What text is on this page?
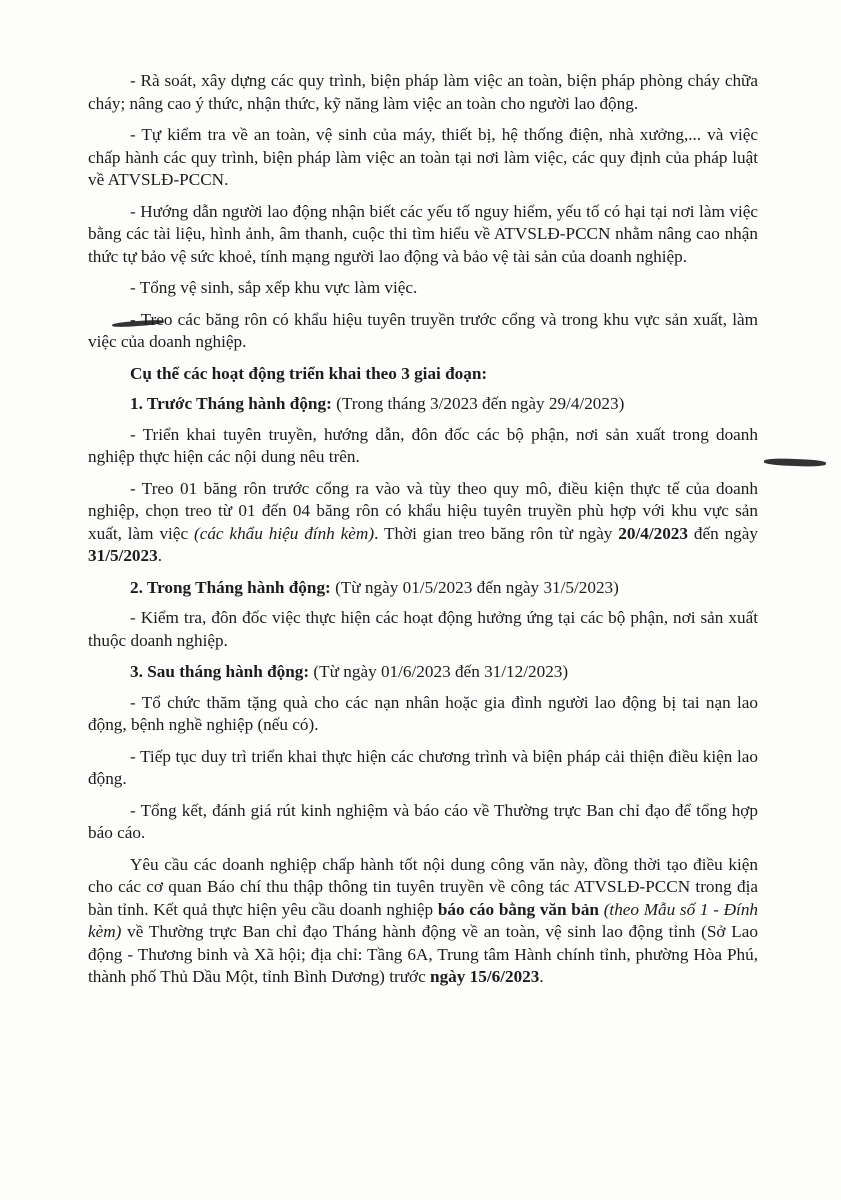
- Rà soát, xây dựng các quy trình, biện pháp làm việc an toàn, biện pháp phòng cháy chữa cháy; nâng cao ý thức, nhận thức, kỹ năng làm việc an toàn cho người lao động.

- Tự kiểm tra về an toàn, vệ sinh của máy, thiết bị, hệ thống điện, nhà xưởng,... và việc chấp hành các quy trình, biện pháp làm việc an toàn tại nơi làm việc, các quy định của pháp luật về ATVSLĐ-PCCN.

- Hướng dẫn người lao động nhận biết các yếu tố nguy hiểm, yếu tố có hại tại nơi làm việc bằng các tài liệu, hình ảnh, âm thanh, cuộc thi tìm hiểu về ATVSLĐ-PCCN nhằm nâng cao nhận thức tự bảo vệ sức khoẻ, tính mạng người lao động và bảo vệ tài sản của doanh nghiệp.

- Tổng vệ sinh, sắp xếp khu vực làm việc.

- Treo các băng rôn có khẩu hiệu tuyên truyền trước cổng và trong khu vực sản xuất, làm việc của doanh nghiệp.

Cụ thể các hoạt động triển khai theo 3 giai đoạn:

1. Trước Tháng hành động: (Trong tháng 3/2023 đến ngày 29/4/2023)

- Triển khai tuyên truyền, hướng dẫn, đôn đốc các bộ phận, nơi sản xuất trong doanh nghiệp thực hiện các nội dung nêu trên.

- Treo 01 băng rôn trước cổng ra vào và tùy theo quy mô, điều kiện thực tế của doanh nghiệp, chọn treo từ 01 đến 04 băng rôn có khẩu hiệu tuyên truyền phù hợp với khu vực sản xuất, làm việc (các khẩu hiệu đính kèm). Thời gian treo băng rôn từ ngày 20/4/2023 đến ngày 31/5/2023.

2. Trong Tháng hành động: (Từ ngày 01/5/2023 đến ngày 31/5/2023)

- Kiểm tra, đôn đốc việc thực hiện các hoạt động hưởng ứng tại các bộ phận, nơi sản xuất thuộc doanh nghiệp.

3. Sau tháng hành động: (Từ ngày 01/6/2023 đến 31/12/2023)

- Tổ chức thăm tặng quà cho các nạn nhân hoặc gia đình người lao động bị tai nạn lao động, bệnh nghề nghiệp (nếu có).

- Tiếp tục duy trì triển khai thực hiện các chương trình và biện pháp cải thiện điều kiện lao động.

- Tổng kết, đánh giá rút kinh nghiệm và báo cáo về Thường trực Ban chỉ đạo để tổng hợp báo cáo.

Yêu cầu các doanh nghiệp chấp hành tốt nội dung công văn này, đồng thời tạo điều kiện cho các cơ quan Báo chí thu thập thông tin tuyên truyền về công tác ATVSLĐ-PCCN trong địa bàn tỉnh. Kết quả thực hiện yêu cầu doanh nghiệp báo cáo bằng văn bản (theo Mẫu số 1 - Đính kèm) về Thường trực Ban chỉ đạo Tháng hành động về an toàn, vệ sinh lao động tỉnh (Sở Lao động - Thương binh và Xã hội; địa chỉ: Tầng 6A, Trung tâm Hành chính tỉnh, phường Hòa Phú, thành phố Thủ Dầu Một, tỉnh Bình Dương) trước ngày 15/6/2023.
